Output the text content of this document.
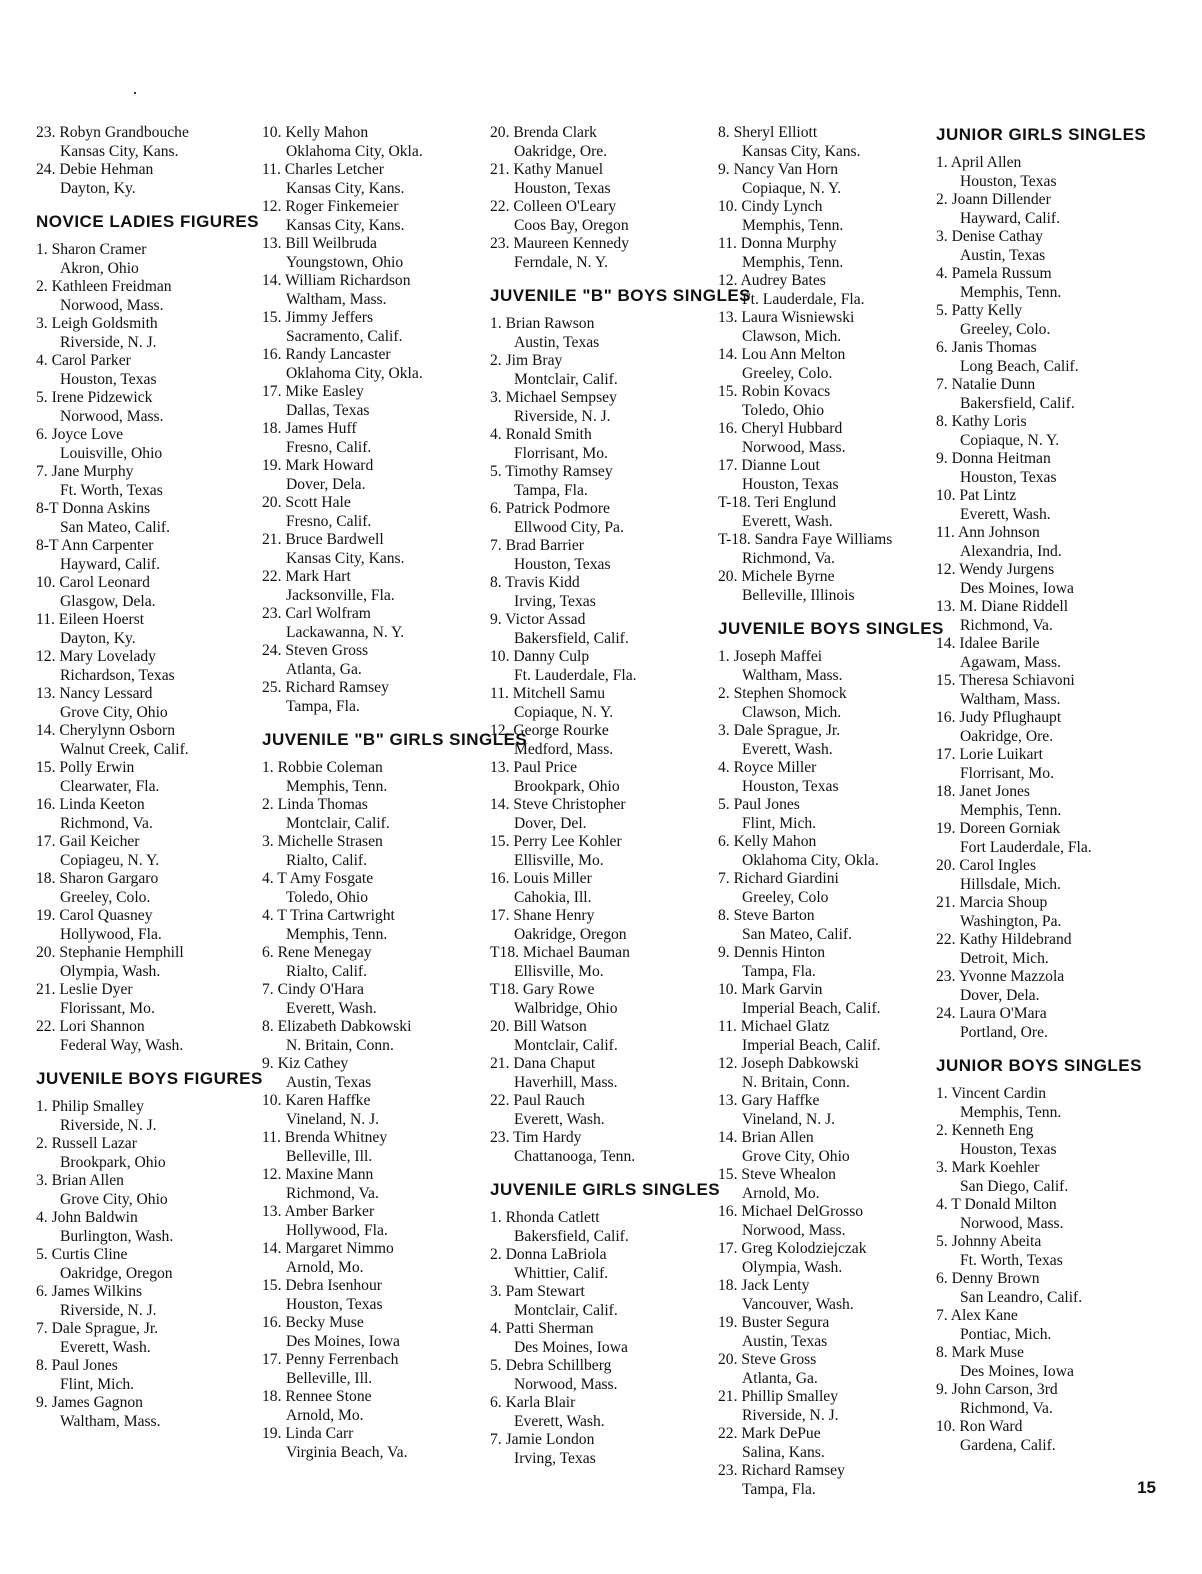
23. Robyn Grandbouche
Kansas City, Kans.
24. Debie Hehman
Dayton, Ky.
NOVICE LADIES FIGURES
1. Sharon Cramer
Akron, Ohio
2. Kathleen Freidman
Norwood, Mass.
3. Leigh Goldsmith
Riverside, N. J.
4. Carol Parker
Houston, Texas
5. Irene Pidzewick
Norwood, Mass.
6. Joyce Love
Louisville, Ohio
7. Jane Murphy
Ft. Worth, Texas
8-T Donna Askins
San Mateo, Calif.
8-T Ann Carpenter
Hayward, Calif.
10. Carol Leonard
Glasgow, Dela.
11. Eileen Hoerst
Dayton, Ky.
12. Mary Lovelady
Richardson, Texas
13. Nancy Lessard
Grove City, Ohio
14. Cherylynn Osborn
Walnut Creek, Calif.
15. Polly Erwin
Clearwater, Fla.
16. Linda Keeton
Richmond, Va.
17. Gail Keicher
Copiageu, N. Y.
18. Sharon Gargaro
Greeley, Colo.
19. Carol Quasney
Hollywood, Fla.
20. Stephanie Hemphill
Olympia, Wash.
21. Leslie Dyer
Florissant, Mo.
22. Lori Shannon
Federal Way, Wash.
JUVENILE BOYS FIGURES
1. Philip Smalley
Riverside, N. J.
2. Russell Lazar
Brookpark, Ohio
3. Brian Allen
Grove City, Ohio
4. John Baldwin
Burlington, Wash.
5. Curtis Cline
Oakridge, Oregon
6. James Wilkins
Riverside, N. J.
7. Dale Sprague, Jr.
Everett, Wash.
8. Paul Jones
Flint, Mich.
9. James Gagnon
Waltham, Mass.
10. Kelly Mahon
Oklahoma City, Okla.
11. Charles Letcher
Kansas City, Kans.
12. Roger Finkemeier
Kansas City, Kans.
13. Bill Weilbruda
Youngstown, Ohio
14. William Richardson
Waltham, Mass.
15. Jimmy Jeffers
Sacramento, Calif.
16. Randy Lancaster
Oklahoma City, Okla.
17. Mike Easley
Dallas, Texas
18. James Huff
Fresno, Calif.
19. Mark Howard
Dover, Dela.
20. Scott Hale
Fresno, Calif.
21. Bruce Bardwell
Kansas City, Kans.
22. Mark Hart
Jacksonville, Fla.
23. Carl Wolfram
Lackawanna, N. Y.
24. Steven Gross
Atlanta, Ga.
25. Richard Ramsey
Tampa, Fla.
JUVENILE "B" GIRLS SINGLES
1. Robbie Coleman
Memphis, Tenn.
2. Linda Thomas
Montclair, Calif.
3. Michelle Strasen
Rialto, Calif.
4. T Amy Fosgate
Toledo, Ohio
4. T Trina Cartwright
Memphis, Tenn.
6. Rene Menegay
Rialto, Calif.
7. Cindy O'Hara
Everett, Wash.
8. Elizabeth Dabkowski
N. Britain, Conn.
9. Kiz Cathey
Austin, Texas
10. Karen Haffke
Vineland, N. J.
11. Brenda Whitney
Belleville, Ill.
12. Maxine Mann
Richmond, Va.
13. Amber Barker
Hollywood, Fla.
14. Margaret Nimmo
Arnold, Mo.
15. Debra Isenhour
Houston, Texas
16. Becky Muse
Des Moines, Iowa
17. Penny Ferrenbach
Belleville, Ill.
18. Rennee Stone
Arnold, Mo.
19. Linda Carr
Virginia Beach, Va.
20. Brenda Clark
Oakridge, Ore.
21. Kathy Manuel
Houston, Texas
22. Colleen O'Leary
Coos Bay, Oregon
23. Maureen Kennedy
Ferndale, N. Y.
JUVENILE "B" BOYS SINGLES
1. Brian Rawson
Austin, Texas
2. Jim Bray
Montclair, Calif.
3. Michael Sempsey
Riverside, N. J.
4. Ronald Smith
Florrisant, Mo.
5. Timothy Ramsey
Tampa, Fla.
6. Patrick Podmore
Ellwood City, Pa.
7. Brad Barrier
Houston, Texas
8. Travis Kidd
Irving, Texas
9. Victor Assad
Bakersfield, Calif.
10. Danny Culp
Ft. Lauderdale, Fla.
11. Mitchell Samu
Copiaque, N. Y.
12. George Rourke
Medford, Mass.
13. Paul Price
Brookpark, Ohio
14. Steve Christopher
Dover, Del.
15. Perry Lee Kohler
Ellisville, Mo.
16. Louis Miller
Cahokia, Ill.
17. Shane Henry
Oakridge, Oregon
T18. Michael Bauman
Ellisville, Mo.
T18. Gary Rowe
Walbridge, Ohio
20. Bill Watson
Montclair, Calif.
21. Dana Chaput
Haverhill, Mass.
22. Paul Rauch
Everett, Wash.
23. Tim Hardy
Chattanooga, Tenn.
JUVENILE GIRLS SINGLES
1. Rhonda Catlett
Bakersfield, Calif.
2. Donna LaBriola
Whittier, Calif.
3. Pam Stewart
Montclair, Calif.
4. Patti Sherman
Des Moines, Iowa
5. Debra Schillberg
Norwood, Mass.
6. Karla Blair
Everett, Wash.
7. Jamie London
Irving, Texas
8. Sheryl Elliott
Kansas City, Kans.
9. Nancy Van Horn
Copiaque, N. Y.
10. Cindy Lynch
Memphis, Tenn.
11. Donna Murphy
Memphis, Tenn.
12. Audrey Bates
Ft. Lauderdale, Fla.
13. Laura Wisniewski
Clawson, Mich.
14. Lou Ann Melton
Greeley, Colo.
15. Robin Kovacs
Toledo, Ohio
16. Cheryl Hubbard
Norwood, Mass.
17. Dianne Lout
Houston, Texas
T-18. Teri Englund
Everett, Wash.
T-18. Sandra Faye Williams
Richmond, Va.
20. Michele Byrne
Belleville, Illinois
JUVENILE BOYS SINGLES
1. Joseph Maffei
Waltham, Mass.
2. Stephen Shomock
Clawson, Mich.
3. Dale Sprague, Jr.
Everett, Wash.
4. Royce Miller
Houston, Texas
5. Paul Jones
Flint, Mich.
6. Kelly Mahon
Oklahoma City, Okla.
7. Richard Giardini
Greeley, Colo
8. Steve Barton
San Mateo, Calif.
9. Dennis Hinton
Tampa, Fla.
10. Mark Garvin
Imperial Beach, Calif.
11. Michael Glatz
Imperial Beach, Calif.
12. Joseph Dabkowski
N. Britain, Conn.
13. Gary Haffke
Vineland, N. J.
14. Brian Allen
Grove City, Ohio
15. Steve Whealon
Arnold, Mo.
16. Michael DelGrosso
Norwood, Mass.
17. Greg Kolodziejczak
Olympia, Wash.
18. Jack Lenty
Vancouver, Wash.
19. Buster Segura
Austin, Texas
20. Steve Gross
Atlanta, Ga.
21. Phillip Smalley
Riverside, N. J.
22. Mark DePue
Salina, Kans.
23. Richard Ramsey
Tampa, Fla.
JUNIOR GIRLS SINGLES
1. April Allen
Houston, Texas
2. Joann Dillender
Hayward, Calif.
3. Denise Cathay
Austin, Texas
4. Pamela Russum
Memphis, Tenn.
5. Patty Kelly
Greeley, Colo.
6. Janis Thomas
Long Beach, Calif.
7. Natalie Dunn
Bakersfield, Calif.
8. Kathy Loris
Copiaque, N. Y.
9. Donna Heitman
Houston, Texas
10. Pat Lintz
Everett, Wash.
11. Ann Johnson
Alexandria, Ind.
12. Wendy Jurgens
Des Moines, Iowa
13. M. Diane Riddell
Richmond, Va.
14. Idalee Barile
Agawam, Mass.
15. Theresa Schiavoni
Waltham, Mass.
16. Judy Pflughaupt
Oakridge, Ore.
17. Lorie Luikart
Florrisant, Mo.
18. Janet Jones
Memphis, Tenn.
19. Doreen Gorniak
Fort Lauderdale, Fla.
20. Carol Ingles
Hillsdale, Mich.
21. Marcia Shoup
Washington, Pa.
22. Kathy Hildebrand
Detroit, Mich.
23. Yvonne Mazzola
Dover, Dela.
24. Laura O'Mara
Portland, Ore.
JUNIOR BOYS SINGLES
1. Vincent Cardin
Memphis, Tenn.
2. Kenneth Eng
Houston, Texas
3. Mark Koehler
San Diego, Calif.
4. T Donald Milton
Norwood, Mass.
5. Johnny Abeita
Ft. Worth, Texas
6. Denny Brown
San Leandro, Calif.
7. Alex Kane
Pontiac, Mich.
8. Mark Muse
Des Moines, Iowa
9. John Carson, 3rd
Richmond, Va.
10. Ron Ward
Gardena, Calif.
15
